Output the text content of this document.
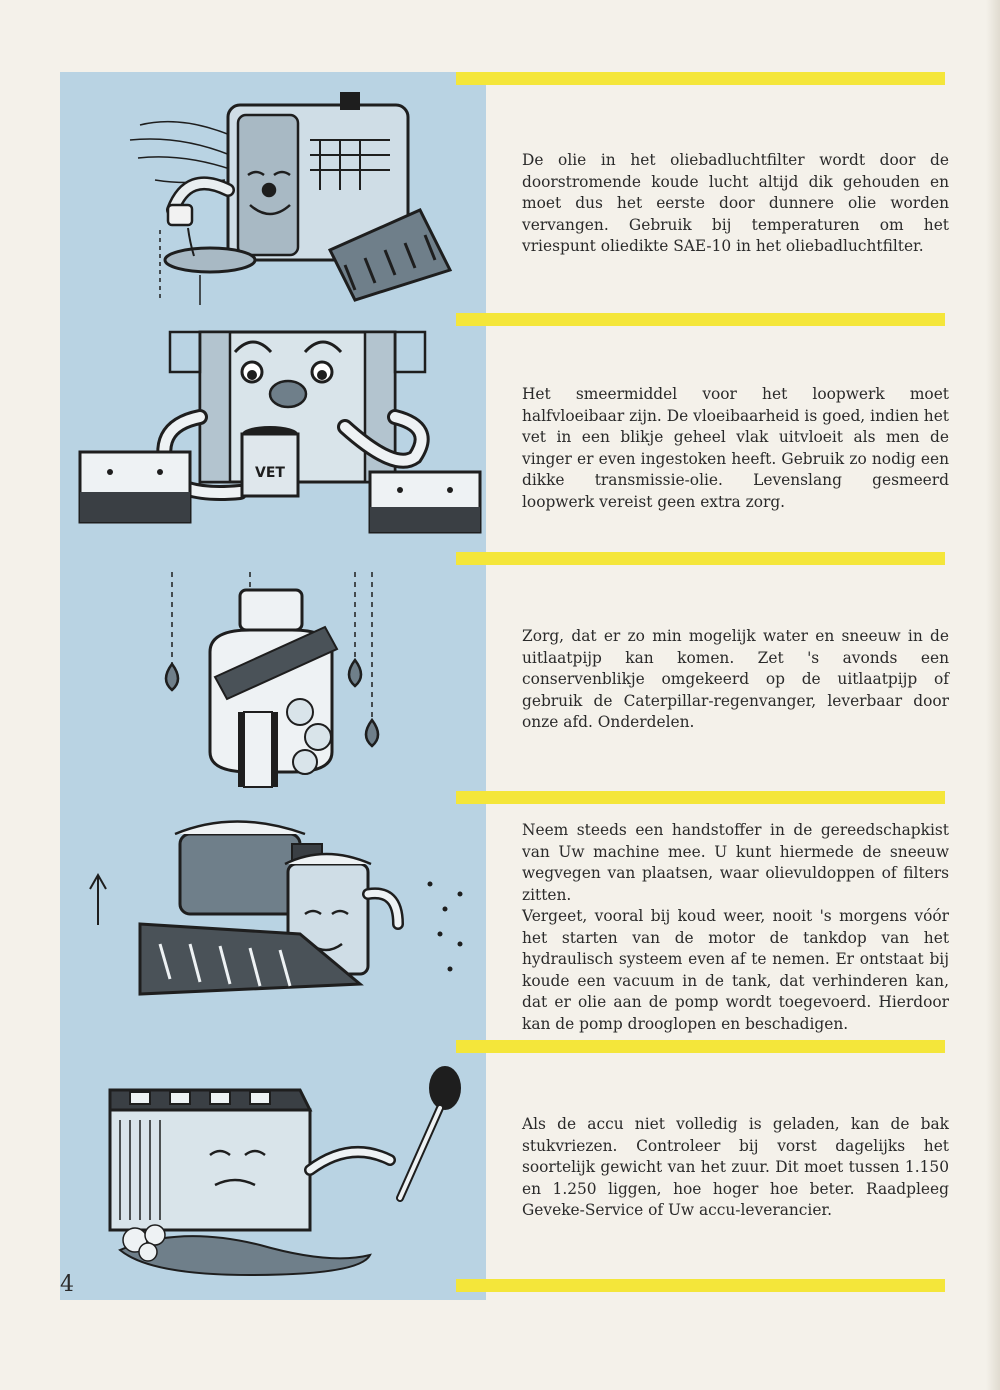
VET

De olie in het oliebadluchtfilter wordt door de doorstromende koude lucht altijd dik gehouden en moet dus het eerste door dunnere olie worden vervangen. Gebruik bij temperaturen om het vriespunt oliedikte SAE-10 in het oliebadluchtfilter.

Het smeermiddel voor het loopwerk moet halfvloeibaar zijn. De vloeibaarheid is goed, indien het vet in een blikje geheel vlak uitvloeit als men de vinger er even ingestoken heeft. Gebruik zo nodig een dikke transmissie-olie. Levenslang gesmeerd loopwerk vereist geen extra zorg.

Zorg, dat er zo min mogelijk water en sneeuw in de uitlaatpijp kan komen. Zet 's avonds een conservenblikje omgekeerd op de uitlaatpijp of gebruik de Caterpillar-regenvanger, leverbaar door onze afd. Onderdelen.

Neem steeds een handstoffer in de gereedschapkist van Uw machine mee. U kunt hiermede de sneeuw wegvegen van plaatsen, waar olievuldoppen of filters zitten.

Vergeet, vooral bij koud weer, nooit 's morgens vóór het starten van de motor de tankdop van het hydraulisch systeem even af te nemen. Er ontstaat bij koude een vacuum in de tank, dat verhinderen kan, dat er olie aan de pomp wordt toegevoerd. Hierdoor kan de pomp drooglopen en beschadigen.

Als de accu niet volledig is geladen, kan de bak stukvriezen. Controleer bij vorst dagelijks het soortelijk gewicht van het zuur. Dit moet tussen 1.150 en 1.250 liggen, hoe hoger hoe beter. Raadpleeg Geveke-Service of Uw accu-leverancier.

4
